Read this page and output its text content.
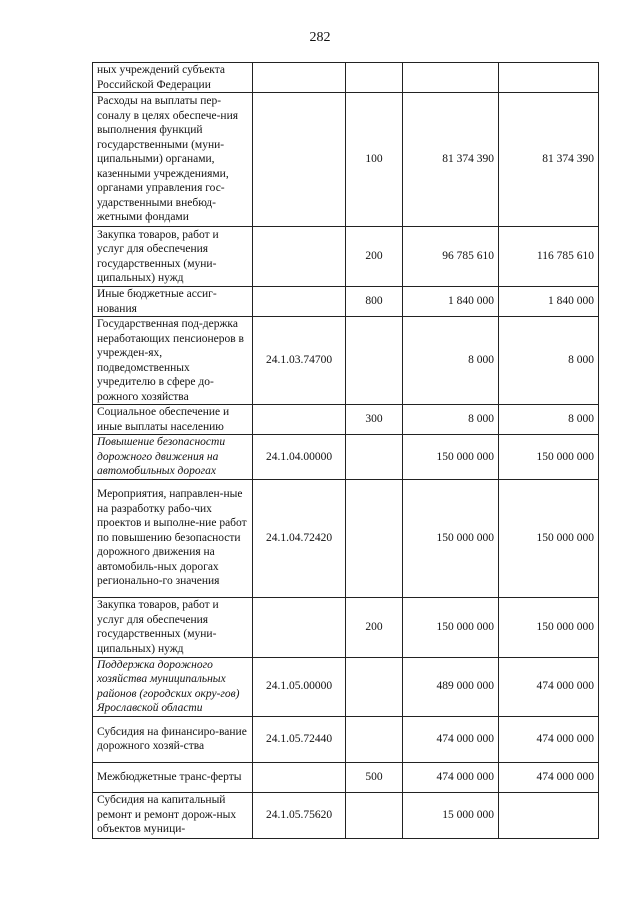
282
ных учреждений субъекта Российской Федерации				
Расходы на выплаты пер-соналу в целях обеспече-ния выполнения функций государственными (муни-ципальными) органами, казенными учреждениями, органами управления гос-ударственными внебюд-жетными фондами		100	81 374 390	81 374 390
Закупка товаров, работ и услуг для обеспечения государственных (муни-ципальных) нужд		200	96 785 610	116 785 610
Иные бюджетные ассиг-нования		800	1 840 000	1 840 000
Государственная под-держка неработающих пенсионеров в учрежден-ях, подведомственных учредителю в сфере до-рожного хозяйства	24.1.03.74700		8 000	8 000
Социальное обеспечение и иные выплаты населению		300	8 000	8 000
Повышение безопасности дорожного движения на автомобильных дорогах	24.1.04.00000		150 000 000	150 000 000
Мероприятия, направлен-ные на разработку рабо-чих проектов и выполне-ние работ по повышению безопасности дорожного движения на автомобиль-ных дорогах регионально-го значения	24.1.04.72420		150 000 000	150 000 000
Закупка товаров, работ и услуг для обеспечения государственных (муни-ципальных) нужд		200	150 000 000	150 000 000
Поддержка дорожного хозяйства муниципальных районов (городских окру-гов) Ярославской области	24.1.05.00000		489 000 000	474 000 000
Субсидия на финансиро-вание дорожного хозяй-ства	24.1.05.72440		474 000 000	474 000 000
Межбюджетные транс-ферты		500	474 000 000	474 000 000
Субсидия на капитальный ремонт и ремонт дорож-ных объектов муници-	24.1.05.75620		15 000 000	
